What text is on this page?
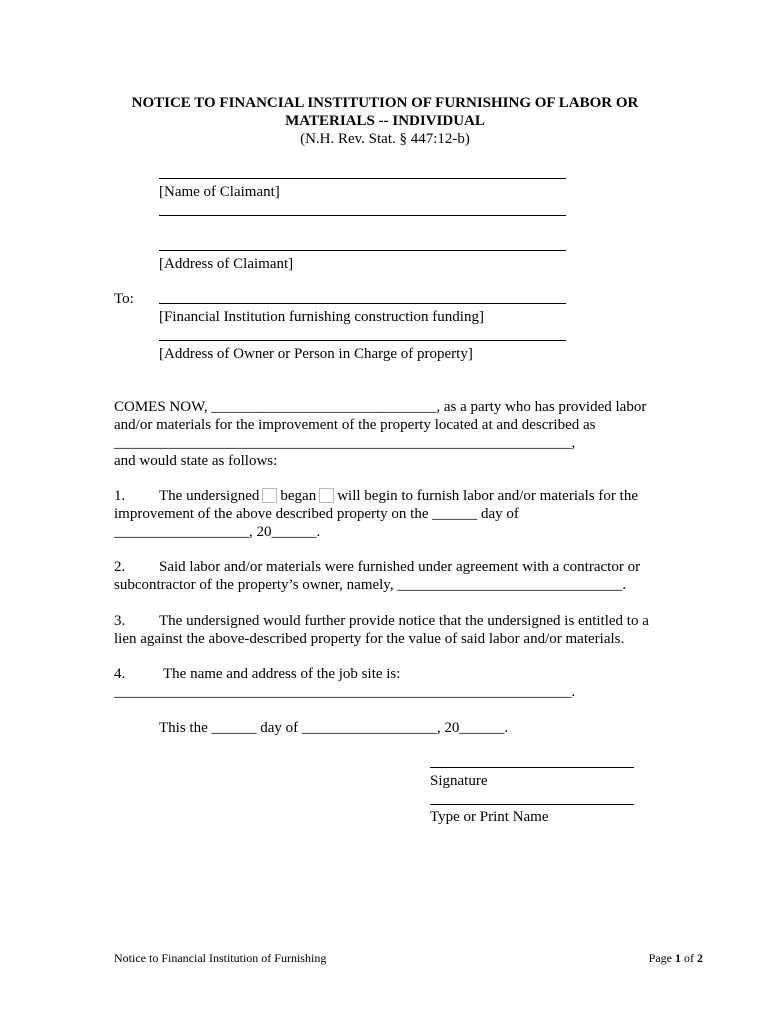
NOTICE TO FINANCIAL INSTITUTION OF FURNISHING OF LABOR OR
MATERIALS -- INDIVIDUAL
(N.H. Rev. Stat. § 447:12-b)
[Name of Claimant]
[Address of Claimant]
To:
[Financial Institution furnishing construction funding]
[Address of Owner or Person in Charge of property]
COMES NOW, ______________________________, as a party who has provided labor
and/or materials for the improvement of the property located at and described as
_____________________________________________________________,
and would state as follows:
1. The undersigned began will begin to furnish labor and/or materials for the
improvement of the above described property on the ______ day of
__________________, 20______.
2. Said labor and/or materials were furnished under agreement with a contractor or
subcontractor of the property’s owner, namely, ______________________________.
3. The undersigned would further provide notice that the undersigned is entitled to a
lien against the above-described property for the value of said labor and/or materials.
4.	The name and address of the job site is:
_____________________________________________________________.
This the ______ day of __________________, 20______.
Signature
Type or Print Name
Notice to Financial Institution of Furnishing	Page 1 of 2
